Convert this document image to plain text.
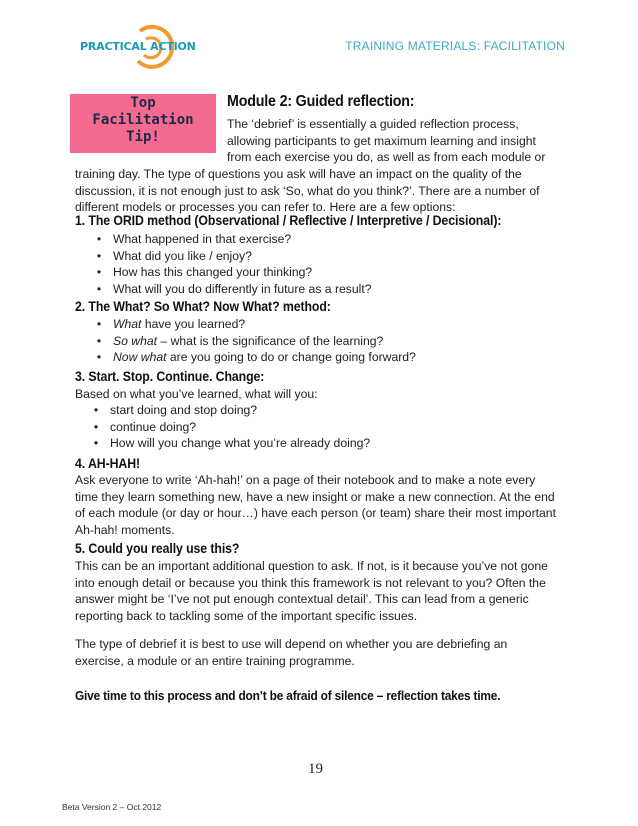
PRACTICAL ACTION	TRAINING MATERIALS: FACILITATION
Top
Facilitation
Tip!
Module 2: Guided reflection:
The ‘debrief’ is essentially a guided reflection process,
allowing participants to get maximum learning and insight
from each exercise you do, as well as from each module or
training day. The type of questions you ask will have an impact on the quality of the
discussion, it is not enough just to ask ‘So, what do you think?’. There are a number of
different models or processes you can refer to. Here are a few options:
1. The ORID method (Observational / Reflective / Interpretive / Decisional):
• What happened in that exercise?
• What did you like / enjoy?
• How has this changed your thinking?
• What will you do differently in future as a result?
2. The What? So What? Now What? method:
• What have you learned?
• So what – what is the significance of the learning?
• Now what are you going to do or change going forward?
3. Start. Stop. Continue. Change:
Based on what you’ve learned, what will you:
• start doing and stop doing?
• continue doing?
• How will you change what you’re already doing?
4. AH-HAH!
Ask everyone to write ‘Ah-hah!’ on a page of their notebook and to make a note every
time they learn something new, have a new insight or make a new connection. At the end
of each module (or day or hour…) have each person (or team) share their most important
Ah-hah! moments.
5. Could you really use this?
This can be an important additional question to ask. If not, is it because you’ve not gone
into enough detail or because you think this framework is not relevant to you? Often the
answer might be ‘I’ve not put enough contextual detail’. This can lead from a generic
reporting back to tackling some of the important specific issues.
The type of debrief it is best to use will depend on whether you are debriefing an
exercise, a module or an entire training programme.
Give time to this process and don’t be afraid of silence – reflection takes time.
19
Beta Version 2 – Oct 2012
